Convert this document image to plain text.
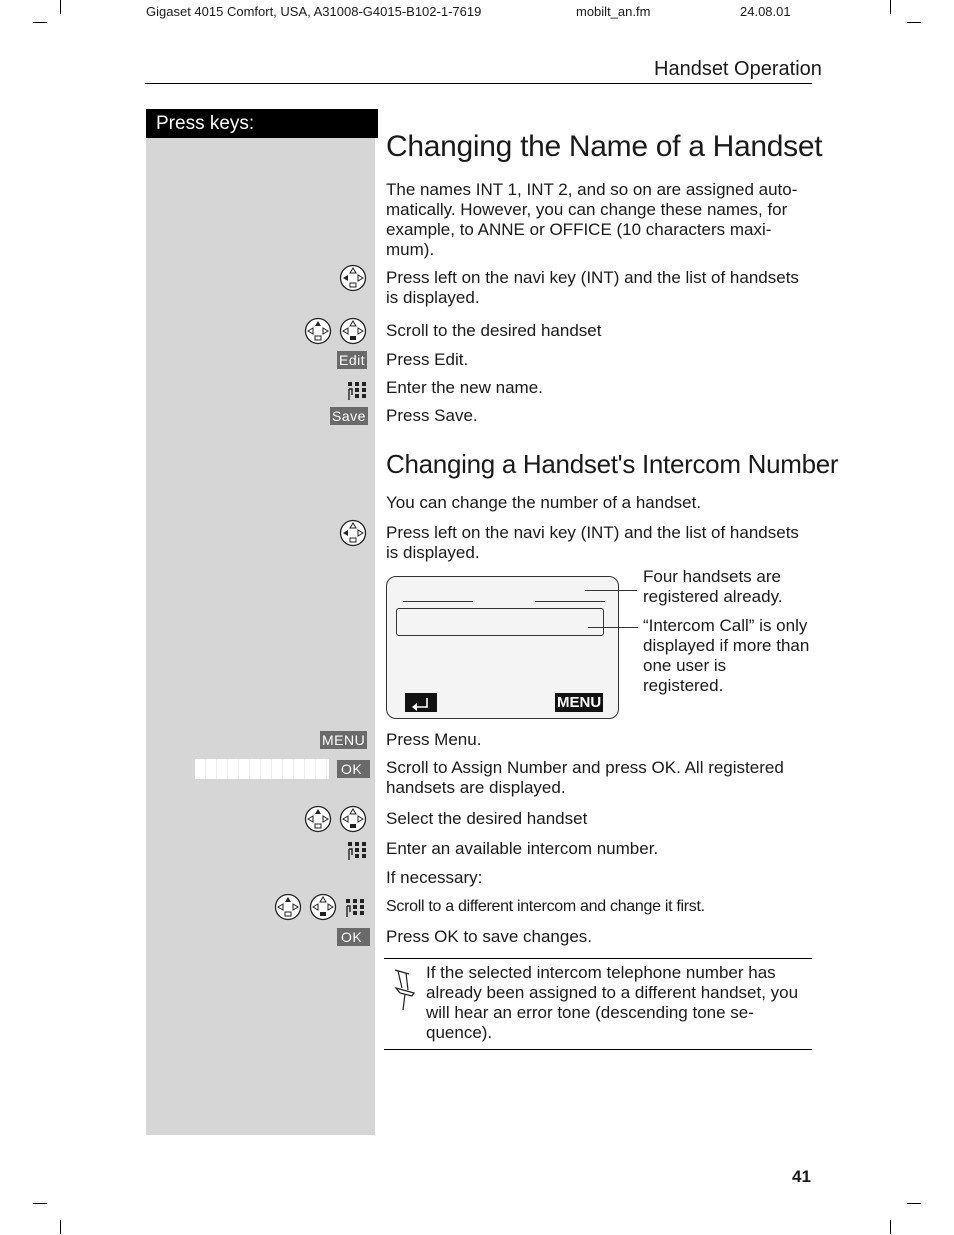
Gigaset 4015 Comfort, USA, A31008-G4015-B102-1-7619	mobilt_an.fm	24.08.01
Handset Operation
Press keys:
Changing the Name of a Handset
The names INT 1, INT 2, and so on are assigned auto-matically. However, you can change these names, for example, to ANNE or OFFICE (10 characters maxi-mum).
Press left on the navi key (INT) and the list of handsets is displayed.
Scroll to the desired handset
Edit Press Edit.
Enter the new name.
Save Press Save.
Changing a Handset's Intercom Number
You can change the number of a handset.
Press left on the navi key (INT) and the list of handsets is displayed.
MENU
Four handsets are registered already.
“Intercom Call” is only displayed if more than one user is registered.
MENU Press Menu.
OK	Scroll to Assign Number and press OK. All registered handsets are displayed.
Select the desired handset
Enter an available intercom number.
If necessary:
Scroll to a different intercom and change it first.
OK	Press OK to save changes.
If the selected intercom telephone number has already been assigned to a different handset, you will hear an error tone (descending tone se-quence).
41
